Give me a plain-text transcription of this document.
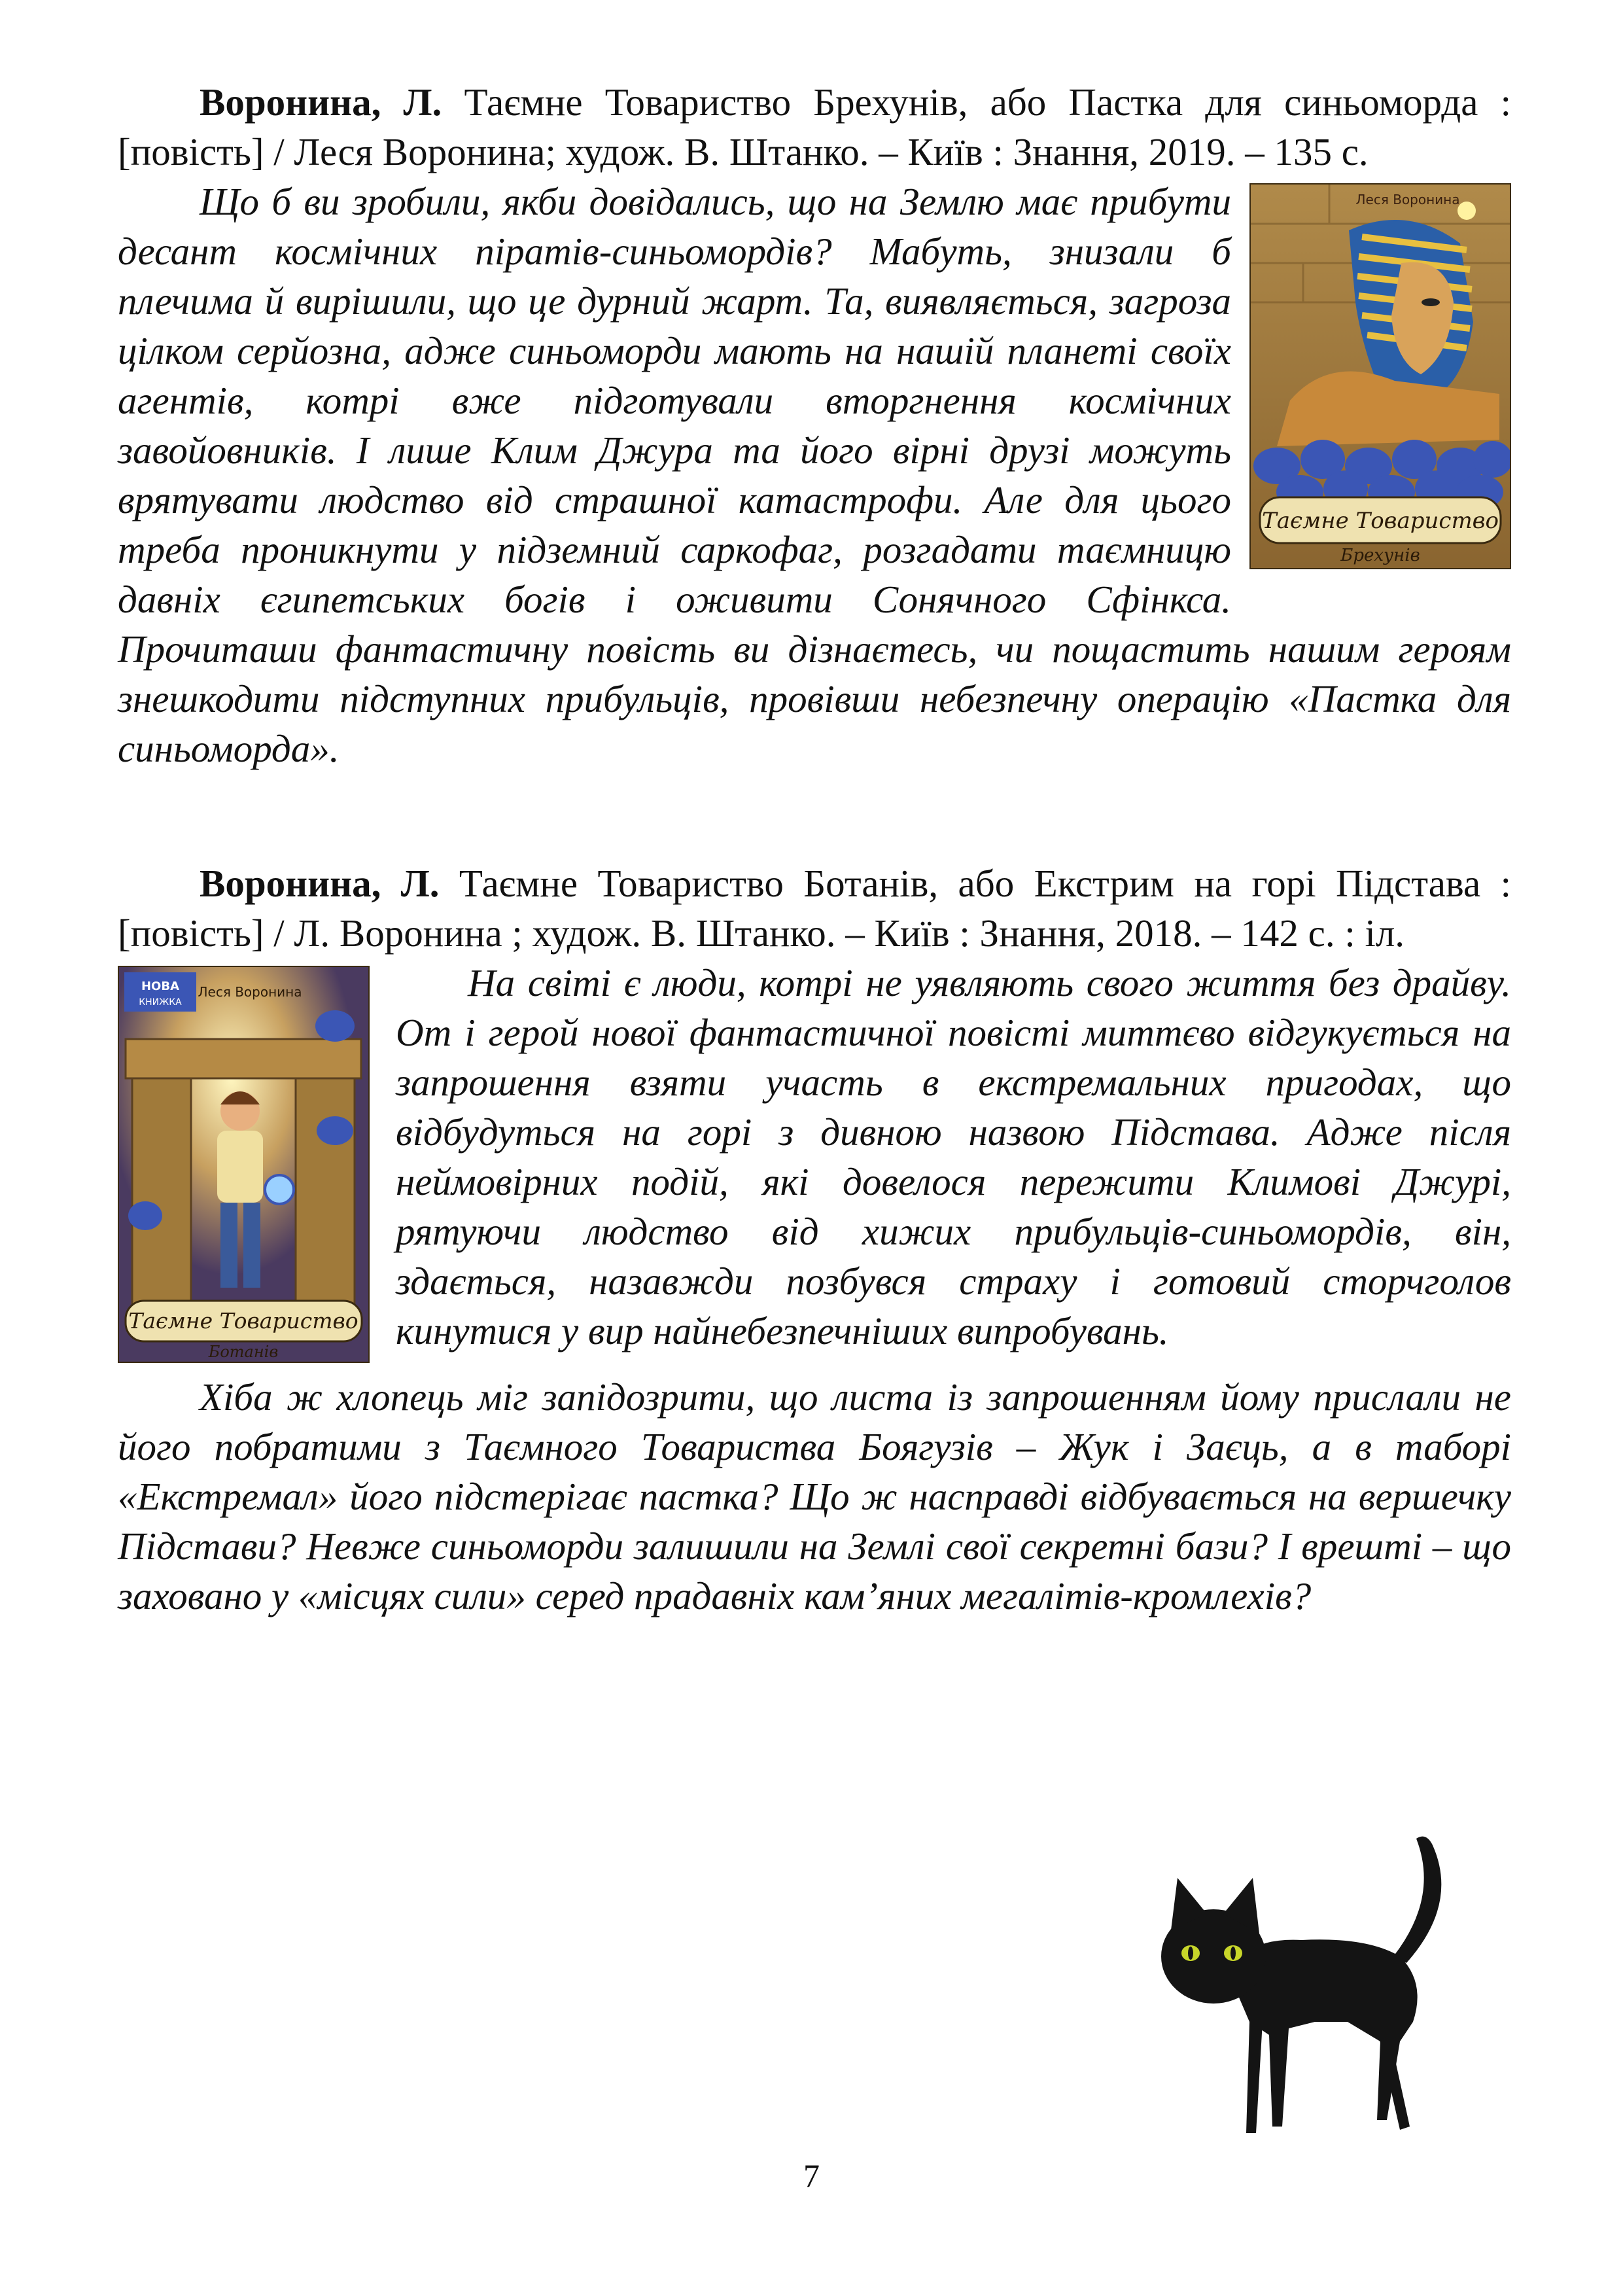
Воронина, Л. Таємне Товариство Брехунів, або Пастка для синьоморда : [повість] / Леся Воронина; худож. В. Штанко. – Київ : Знання, 2019. – 135 с.

Таємне Товариство
Брехунів
Леся Воронина

Що б ви зробили, якби довідались, що на Землю має прибути десант космічних піратів-синьомордів? Мабуть, знизали б плечима й вирішили, що це дурний жарт. Та, виявляється, загроза цілком серйозна, адже синьоморди мають на нашій планеті своїх агентів, котрі вже підготували вторгнення космічних завойовників. І лише Клим Джура та його вірні друзі можуть врятувати людство від страшної катастрофи. Але для цього треба проникнути у підземний саркофаг, розгадати таємницю давніх єгипетських богів і оживити Сонячного Сфінкса. Прочиташи фантастичну повість ви дізнаєтесь, чи пощастить нашим героям знешкодити підступних прибульців, провівши небезпечну операцію «Пастка для синьоморда».

Воронина, Л. Таємне Товариство Ботанів, або Екстрим на горі Підстава : [повість] / Л. Воронина ; худож. В. Штанко. – Київ : Знання, 2018. – 142 с. : іл.

НОВА
КНИЖКА
Леся Воронина
Таємне Товариство
Ботанів

На світі є люди, котрі не уявляють свого життя без драйву. От і герой нової фантастичної повісті миттєво відгукується на запрошення взяти участь в екстремальних пригодах, що відбудуться на горі з дивною назвою Підстава. Адже після неймовірних подій, які довелося пережити Климові Джурі, рятуючи людство від хижих прибульців-синьомордів, він, здається, назавжди позбувся страху і готовий сторчголов кинутися у вир найнебезпечніших випробувань.

Хіба ж хлопець міг запідозрити, що листа із запрошенням йому прислали не його побратими з Таємного Товариства Боягузів – Жук і Заєць, а в таборі «Екстремал» його підстерігає пастка? Що ж насправді відбувається на вершечку Підстави? Невже синьоморди залишили на Землі свої секретні бази? І врешті – що заховано у «місцях сили» серед прадавніх кам’яних мегалітів-кромлехів?

7
